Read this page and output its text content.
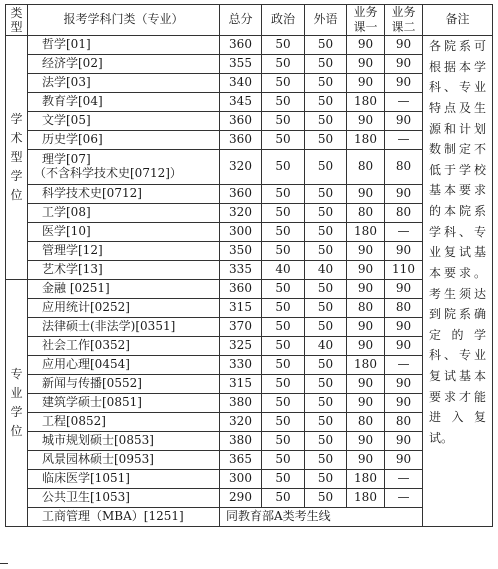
类型	报考学科门类（专业）	总分	政治	外语	业务课一	业务课二	备注

学术型学位	哲学[01]	360	50	50	90	90	各院系可根据本学科、专业特点及生源和计划数制定不低于学校基本要求的本院系学科、专业复试基本要求。考生须达到院系确定的学科、专业复试基本要求才能进入复试。
	经济学[02]	355	50	50	90	90	
	法学[03]	340	50	50	90	90	
	教育学[04]	345	50	50	180	—	
	文学[05]	360	50	50	90	90	
	历史学[06]	360	50	50	180	—	

	理学[07]
（不含科学技术史[0712]）	320	50	50	80	80	
	科学技术史[0712]	360	50	50	90	90	
	工学[08]	320	50	50	80	80	
	医学[10]	300	50	50	180	—	
	管理学[12]	350	50	50	90	90	
	艺术学[13]	335	40	40	90	110	

专业学位	金融 [0251]	360	50	50	90	90	
	应用统计[0252]	315	50	50	80	80	
	法律硕士(非法学)[0351]	370	50	50	90	90	
	社会工作[0352]	325	50	40	90	90	
	应用心理[0454]	330	50	50	180	—	
	新闻与传播[0552]	315	50	50	90	90	
	建筑学硕士[0851]	380	50	50	90	90	
	工程[0852]	320	50	50	80	80	
	城市规划硕士[0853]	380	50	50	90	90	
	风景园林硕士[0953]	365	50	50	90	90	
	临床医学[1051]	300	50	50	180	—	
	公共卫生[1053]	290	50	50	180	—	
	工商管理（MBA）[1251]	同教育部A类考生线					
